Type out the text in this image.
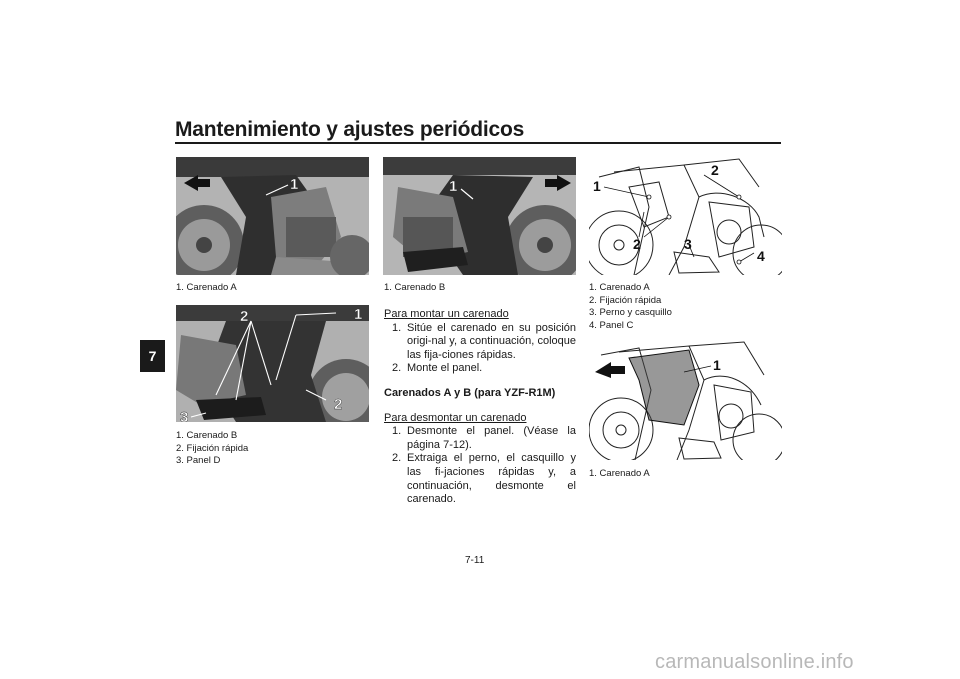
Mantenimiento y ajustes periódicos
7
1
1. Carenado A
1
1. Carenado B
2	1
2
3
1. Carenado B
2. Fijación rápida
3. Panel D
Para montar un carenado
1. Sitúe el carenado en su posición origi-nal y, a continuación, coloque las fija-ciones rápidas.
2. Monte el panel.
Carenados A y B (para YZF-R1M)
Para desmontar un carenado
1. Desmonte el panel. (Véase la página 7-12).
2. Extraiga el perno, el casquillo y las fi-jaciones rápidas y, a continuación, desmonte el carenado.
1
2
2	3
4
1. Carenado A
2. Fijación rápida
3. Perno y casquillo
4. Panel C
1
1. Carenado A
7-11
carmanualsonline.info
